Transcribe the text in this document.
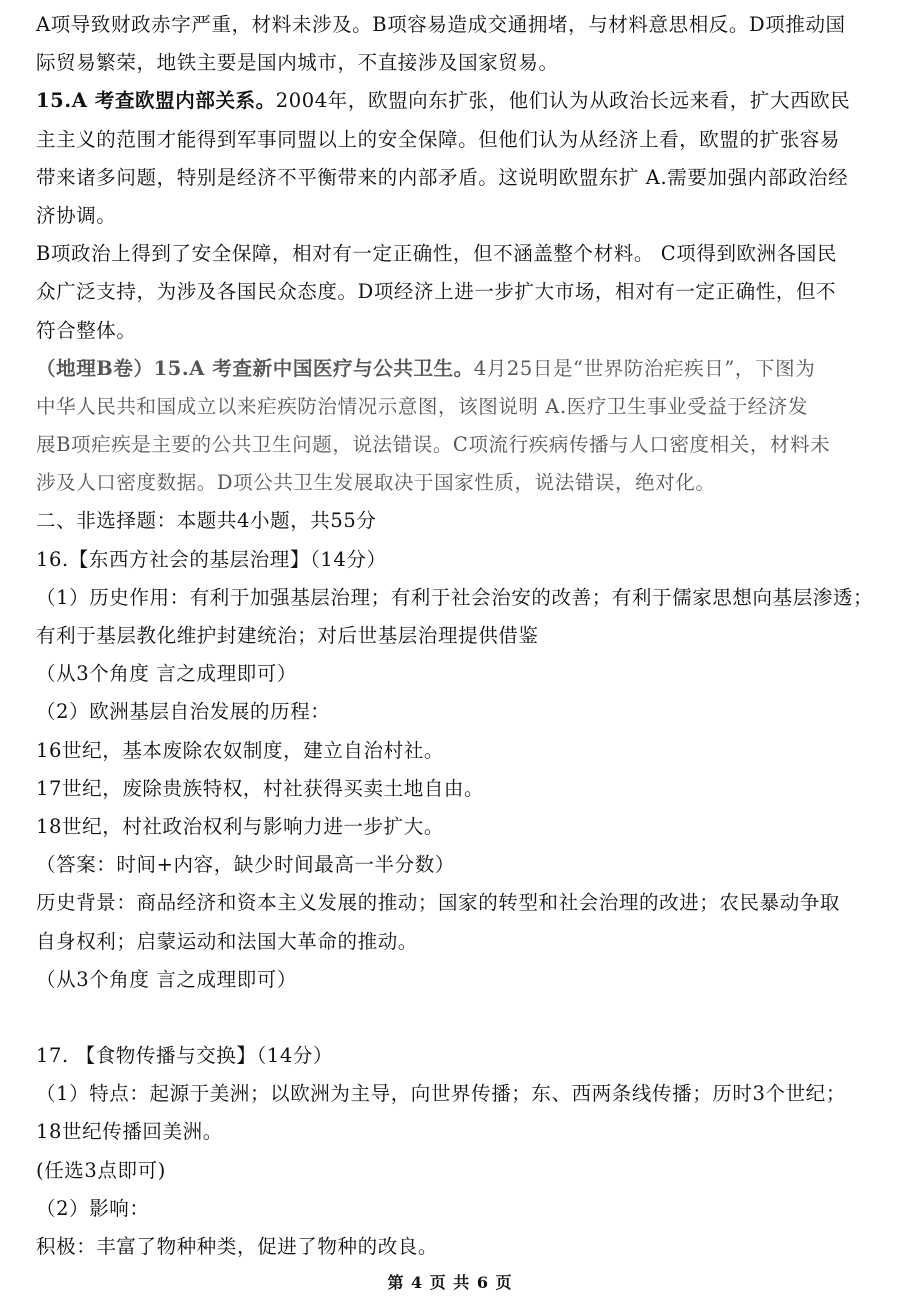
A项导致财政赤字严重，材料未涉及。B项容易造成交通拥堵，与材料意思相反。D项推动国
际贸易繁荣，地铁主要是国内城市，不直接涉及国家贸易。
15.A 考查欧盟内部关系。2004年，欧盟向东扩张，他们认为从政治长远来看，扩大西欧民
主主义的范围才能得到军事同盟以上的安全保障。但他们认为从经济上看，欧盟的扩张容易
带来诸多问题，特别是经济不平衡带来的内部矛盾。这说明欧盟东扩 A.需要加强内部政治经
济协调。
B项政治上得到了安全保障，相对有一定正确性，但不涵盖整个材料。 C项得到欧洲各国民
众广泛支持，为涉及各国民众态度。D项经济上进一步扩大市场，相对有一定正确性，但不
符合整体。
（地理B卷）15.A 考查新中国医疗与公共卫生。4月25日是“世界防治疟疾日”，下图为
中华人民共和国成立以来疟疾防治情况示意图，该图说明 A.医疗卫生事业受益于经济发
展B项疟疾是主要的公共卫生问题，说法错误。C项流行疾病传播与人口密度相关，材料未
涉及人口密度数据。D项公共卫生发展取决于国家性质，说法错误，绝对化。
二、非选择题：本题共4小题，共55分
16.【东西方社会的基层治理】（14分）
（1）历史作用：有利于加强基层治理；有利于社会治安的改善；有利于儒家思想向基层渗透；
有利于基层教化维护封建统治；对后世基层治理提供借鉴
（从3个角度 言之成理即可）
（2）欧洲基层自治发展的历程：
16世纪，基本废除农奴制度，建立自治村社。
17世纪，废除贵族特权，村社获得买卖土地自由。
18世纪，村社政治权利与影响力进一步扩大。
（答案：时间+内容，缺少时间最高一半分数）
历史背景：商品经济和资本主义发展的推动；国家的转型和社会治理的改进；农民暴动争取
自身权利；启蒙运动和法国大革命的推动。
（从3个角度 言之成理即可）
17. 【食物传播与交换】（14分）
（1）特点：起源于美洲；以欧洲为主导，向世界传播；东、西两条线传播；历时3个世纪；
18世纪传播回美洲。
(任选3点即可)
（2）影响：
积极：丰富了物种种类，促进了物种的改良。
第 4 页 共 6 页
